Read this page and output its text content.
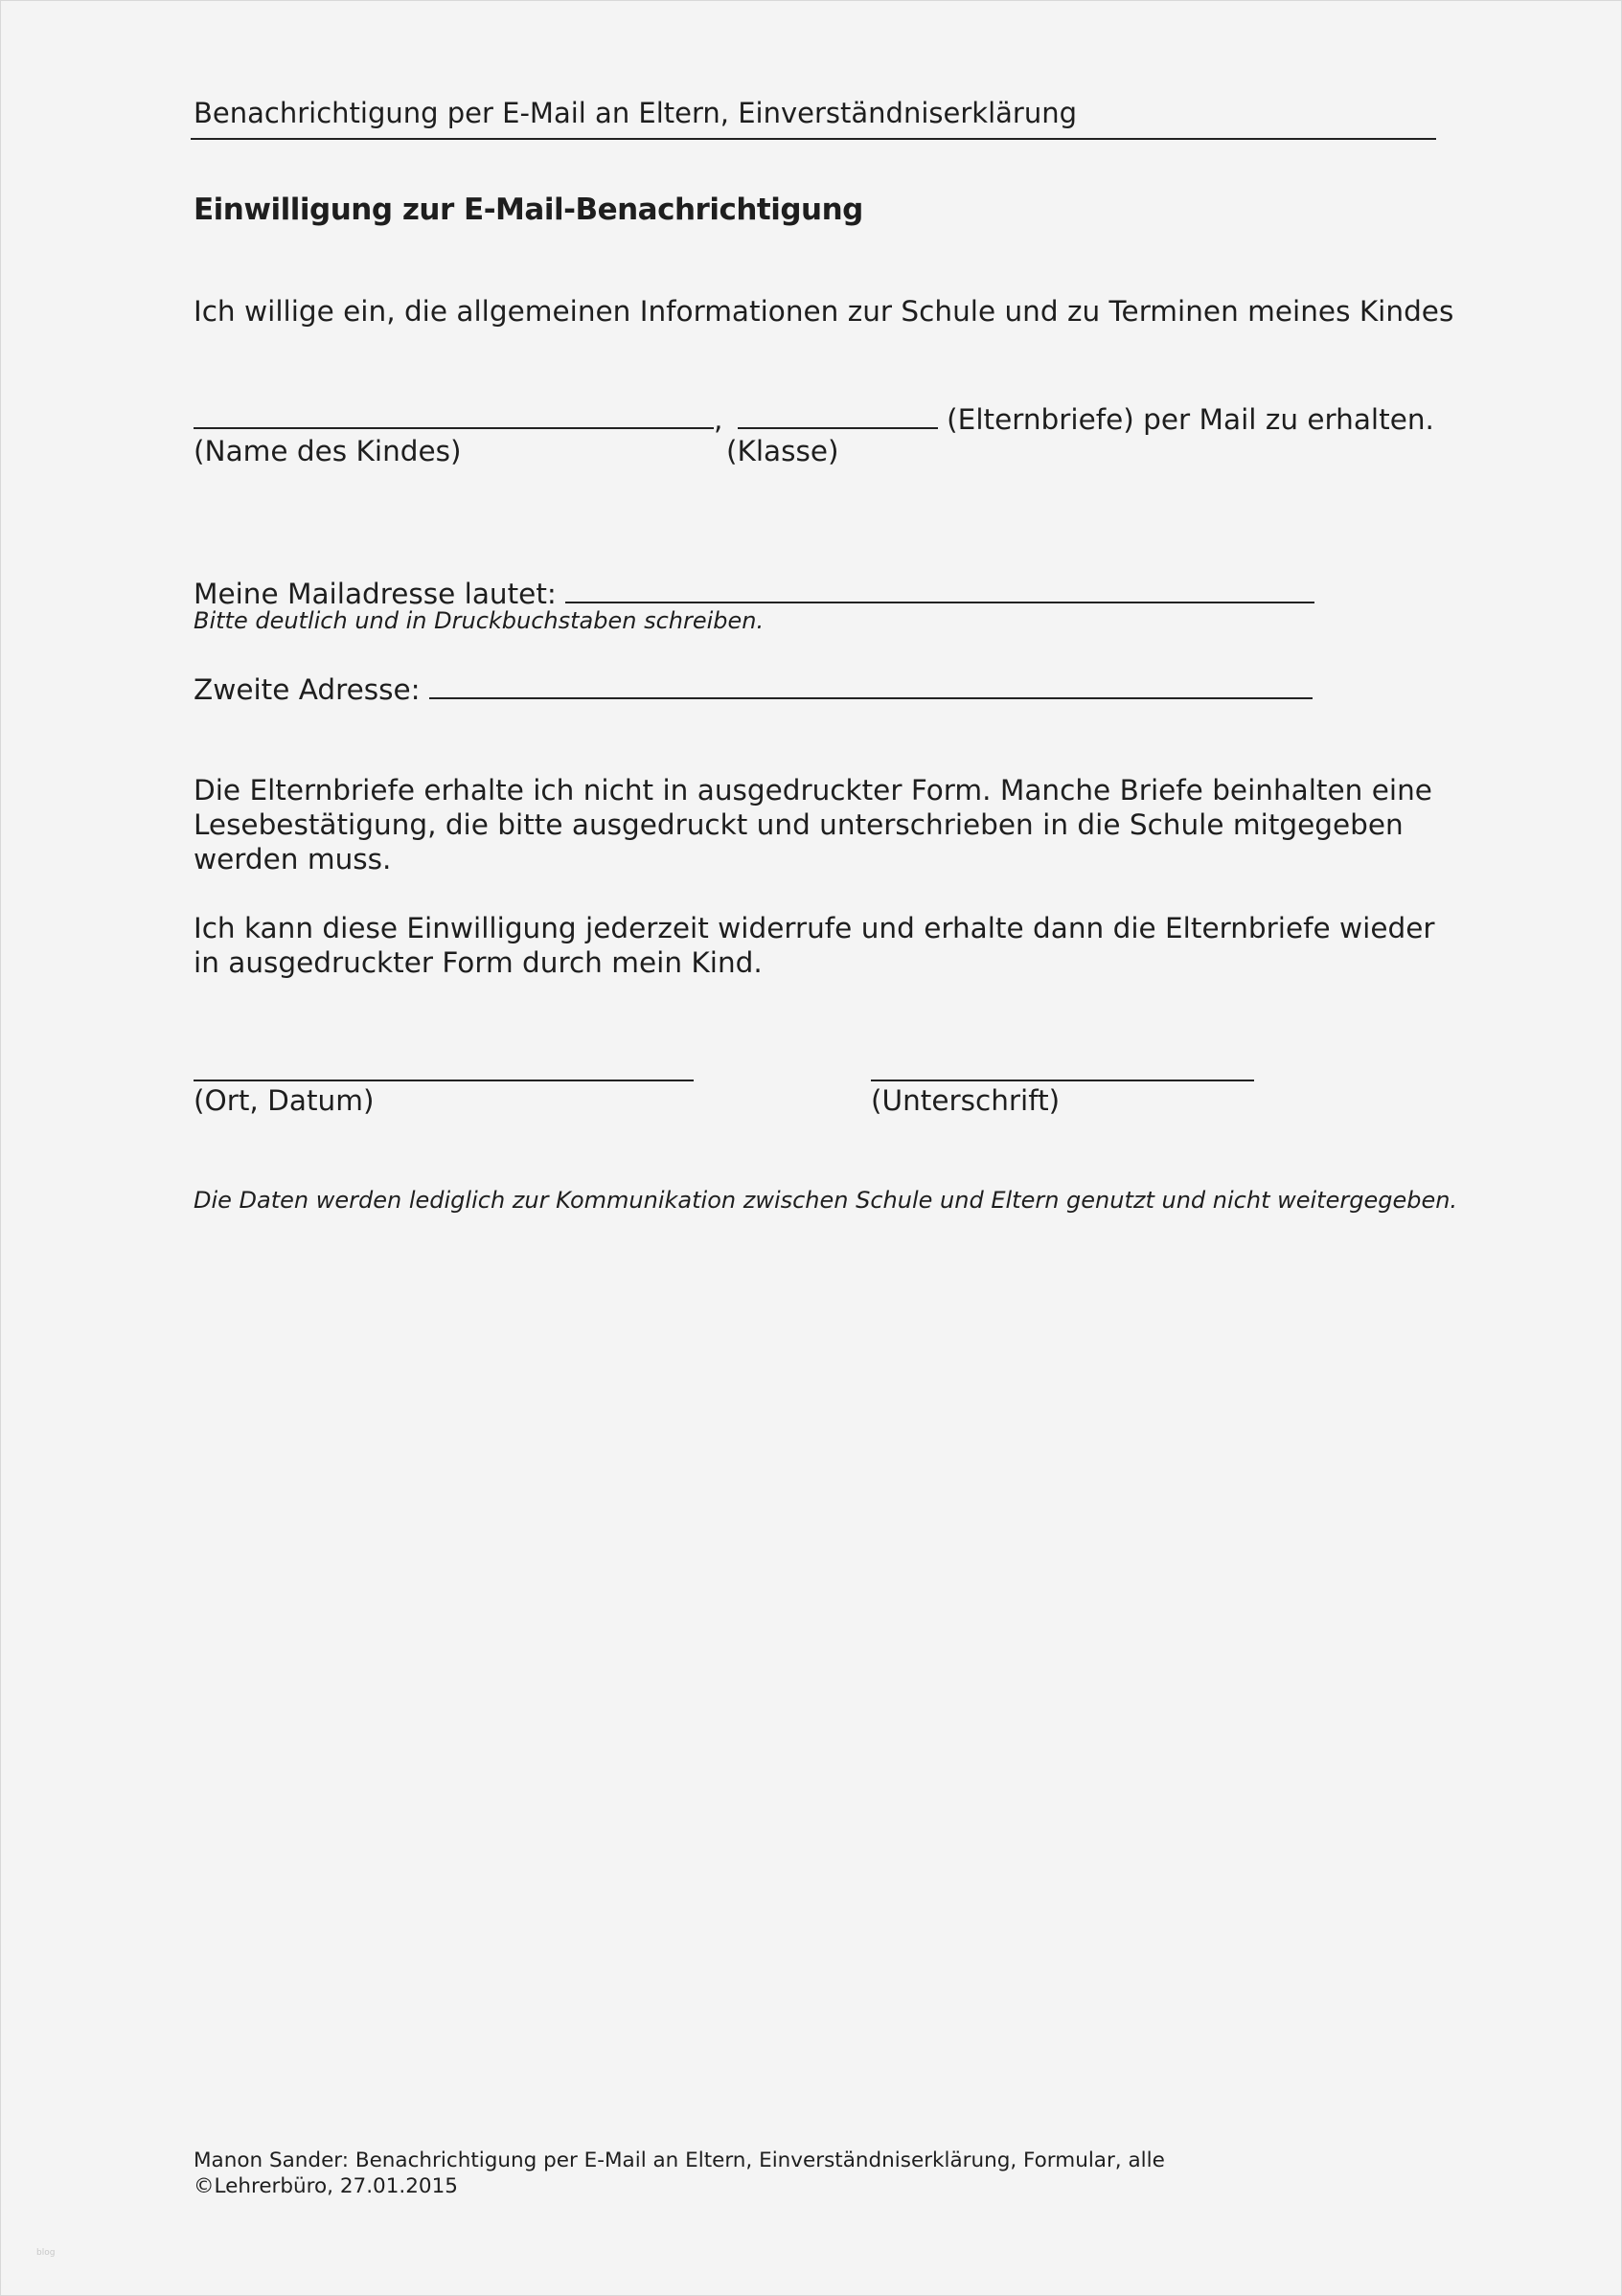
Benachrichtigung per E-Mail an Eltern, Einverständniserklärung
Einwilligung zur E-Mail-Benachrichtigung
Ich willige ein, die allgemeinen Informationen zur Schule und zu Terminen meines Kindes
,	(Elternbriefe) per Mail zu erhalten.
(Name des Kindes)	(Klasse)
Meine Mailadresse lautet:
Bitte deutlich und in Druckbuchstaben schreiben.
Zweite Adresse:
Die Elternbriefe erhalte ich nicht in ausgedruckter Form. Manche Briefe beinhalten eine Lesebestätigung, die bitte ausgedruckt und unterschrieben in die Schule mitgegeben werden muss.
Ich kann diese Einwilligung jederzeit widerrufe und erhalte dann die Elternbriefe wieder in ausgedruckter Form durch mein Kind.
(Ort, Datum)	(Unterschrift)
Die Daten werden lediglich zur Kommunikation zwischen Schule und Eltern genutzt und nicht weitergegeben.
Manon Sander: Benachrichtigung per E-Mail an Eltern, Einverständniserklärung, Formular, alle
©Lehrerbüro, 27.01.2015
blog
